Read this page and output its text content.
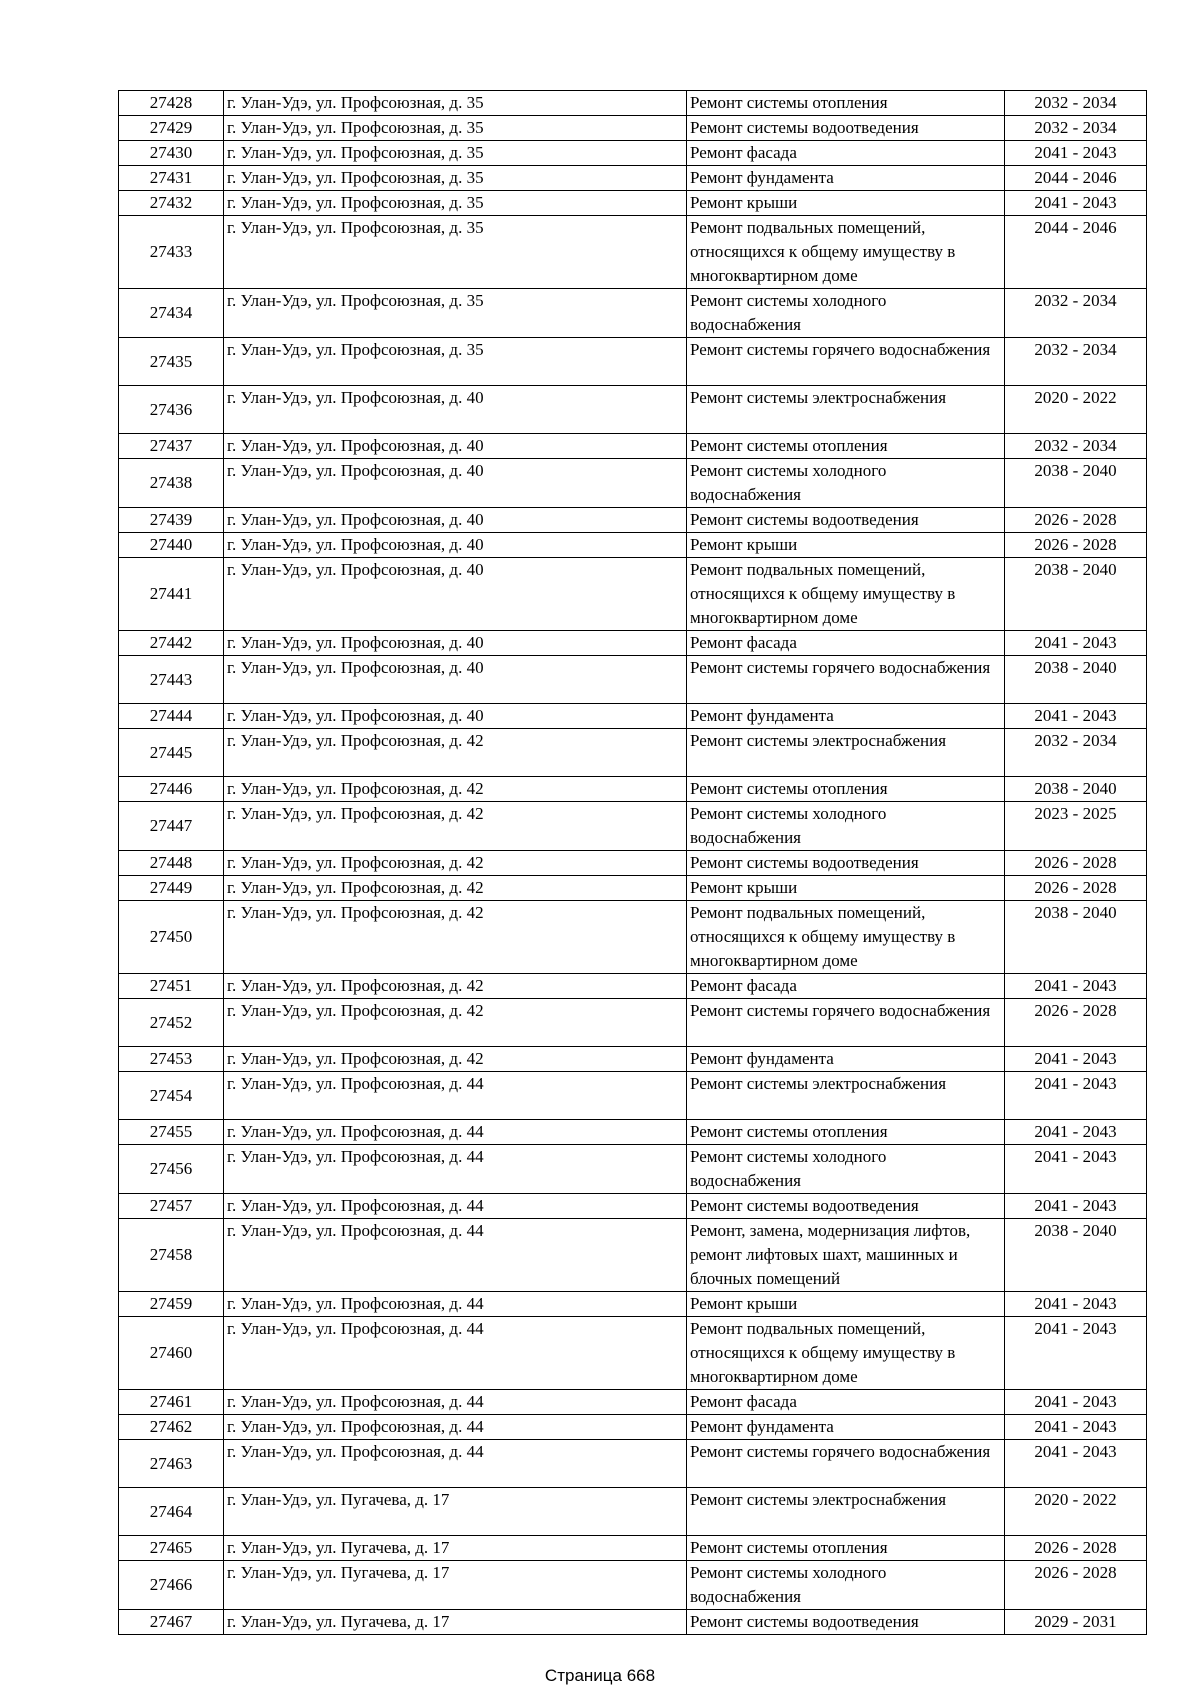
27428	г. Улан-Удэ, ул. Профсоюзная, д. 35	Ремонт системы отопления	2032 - 2034
27429	г. Улан-Удэ, ул. Профсоюзная, д. 35	Ремонт системы водоотведения	2032 - 2034
27430	г. Улан-Удэ, ул. Профсоюзная, д. 35	Ремонт фасада	2041 - 2043
27431	г. Улан-Удэ, ул. Профсоюзная, д. 35	Ремонт фундамента	2044 - 2046
27432	г. Улан-Удэ, ул. Профсоюзная, д. 35	Ремонт крыши	2041 - 2043
27433	г. Улан-Удэ, ул. Профсоюзная, д. 35	Ремонт подвальных помещений, относящихся к общему имуществу в многоквартирном доме	2044 - 2046
27434	г. Улан-Удэ, ул. Профсоюзная, д. 35	Ремонт системы холодного водоснабжения	2032 - 2034
27435	г. Улан-Удэ, ул. Профсоюзная, д. 35	Ремонт системы горячего водоснабжения	2032 - 2034
27436	г. Улан-Удэ, ул. Профсоюзная, д. 40	Ремонт системы электроснабжения	2020 - 2022
27437	г. Улан-Удэ, ул. Профсоюзная, д. 40	Ремонт системы отопления	2032 - 2034
27438	г. Улан-Удэ, ул. Профсоюзная, д. 40	Ремонт системы холодного водоснабжения	2038 - 2040
27439	г. Улан-Удэ, ул. Профсоюзная, д. 40	Ремонт системы водоотведения	2026 - 2028
27440	г. Улан-Удэ, ул. Профсоюзная, д. 40	Ремонт крыши	2026 - 2028
27441	г. Улан-Удэ, ул. Профсоюзная, д. 40	Ремонт подвальных помещений, относящихся к общему имуществу в многоквартирном доме	2038 - 2040
27442	г. Улан-Удэ, ул. Профсоюзная, д. 40	Ремонт фасада	2041 - 2043
27443	г. Улан-Удэ, ул. Профсоюзная, д. 40	Ремонт системы горячего водоснабжения	2038 - 2040
27444	г. Улан-Удэ, ул. Профсоюзная, д. 40	Ремонт фундамента	2041 - 2043
27445	г. Улан-Удэ, ул. Профсоюзная, д. 42	Ремонт системы электроснабжения	2032 - 2034
27446	г. Улан-Удэ, ул. Профсоюзная, д. 42	Ремонт системы отопления	2038 - 2040
27447	г. Улан-Удэ, ул. Профсоюзная, д. 42	Ремонт системы холодного водоснабжения	2023 - 2025
27448	г. Улан-Удэ, ул. Профсоюзная, д. 42	Ремонт системы водоотведения	2026 - 2028
27449	г. Улан-Удэ, ул. Профсоюзная, д. 42	Ремонт крыши	2026 - 2028
27450	г. Улан-Удэ, ул. Профсоюзная, д. 42	Ремонт подвальных помещений, относящихся к общему имуществу в многоквартирном доме	2038 - 2040
27451	г. Улан-Удэ, ул. Профсоюзная, д. 42	Ремонт фасада	2041 - 2043
27452	г. Улан-Удэ, ул. Профсоюзная, д. 42	Ремонт системы горячего водоснабжения	2026 - 2028
27453	г. Улан-Удэ, ул. Профсоюзная, д. 42	Ремонт фундамента	2041 - 2043
27454	г. Улан-Удэ, ул. Профсоюзная, д. 44	Ремонт системы электроснабжения	2041 - 2043
27455	г. Улан-Удэ, ул. Профсоюзная, д. 44	Ремонт системы отопления	2041 - 2043
27456	г. Улан-Удэ, ул. Профсоюзная, д. 44	Ремонт системы холодного водоснабжения	2041 - 2043
27457	г. Улан-Удэ, ул. Профсоюзная, д. 44	Ремонт системы водоотведения	2041 - 2043
27458	г. Улан-Удэ, ул. Профсоюзная, д. 44	Ремонт, замена, модернизация лифтов, ремонт лифтовых шахт, машинных и блочных помещений	2038 - 2040
27459	г. Улан-Удэ, ул. Профсоюзная, д. 44	Ремонт крыши	2041 - 2043
27460	г. Улан-Удэ, ул. Профсоюзная, д. 44	Ремонт подвальных помещений, относящихся к общему имуществу в многоквартирном доме	2041 - 2043
27461	г. Улан-Удэ, ул. Профсоюзная, д. 44	Ремонт фасада	2041 - 2043
27462	г. Улан-Удэ, ул. Профсоюзная, д. 44	Ремонт фундамента	2041 - 2043
27463	г. Улан-Удэ, ул. Профсоюзная, д. 44	Ремонт системы горячего водоснабжения	2041 - 2043
27464	г. Улан-Удэ, ул. Пугачева, д. 17	Ремонт системы электроснабжения	2020 - 2022
27465	г. Улан-Удэ, ул. Пугачева, д. 17	Ремонт системы отопления	2026 - 2028
27466	г. Улан-Удэ, ул. Пугачева, д. 17	Ремонт системы холодного водоснабжения	2026 - 2028
27467	г. Улан-Удэ, ул. Пугачева, д. 17	Ремонт системы водоотведения	2029 - 2031
Страница 668
